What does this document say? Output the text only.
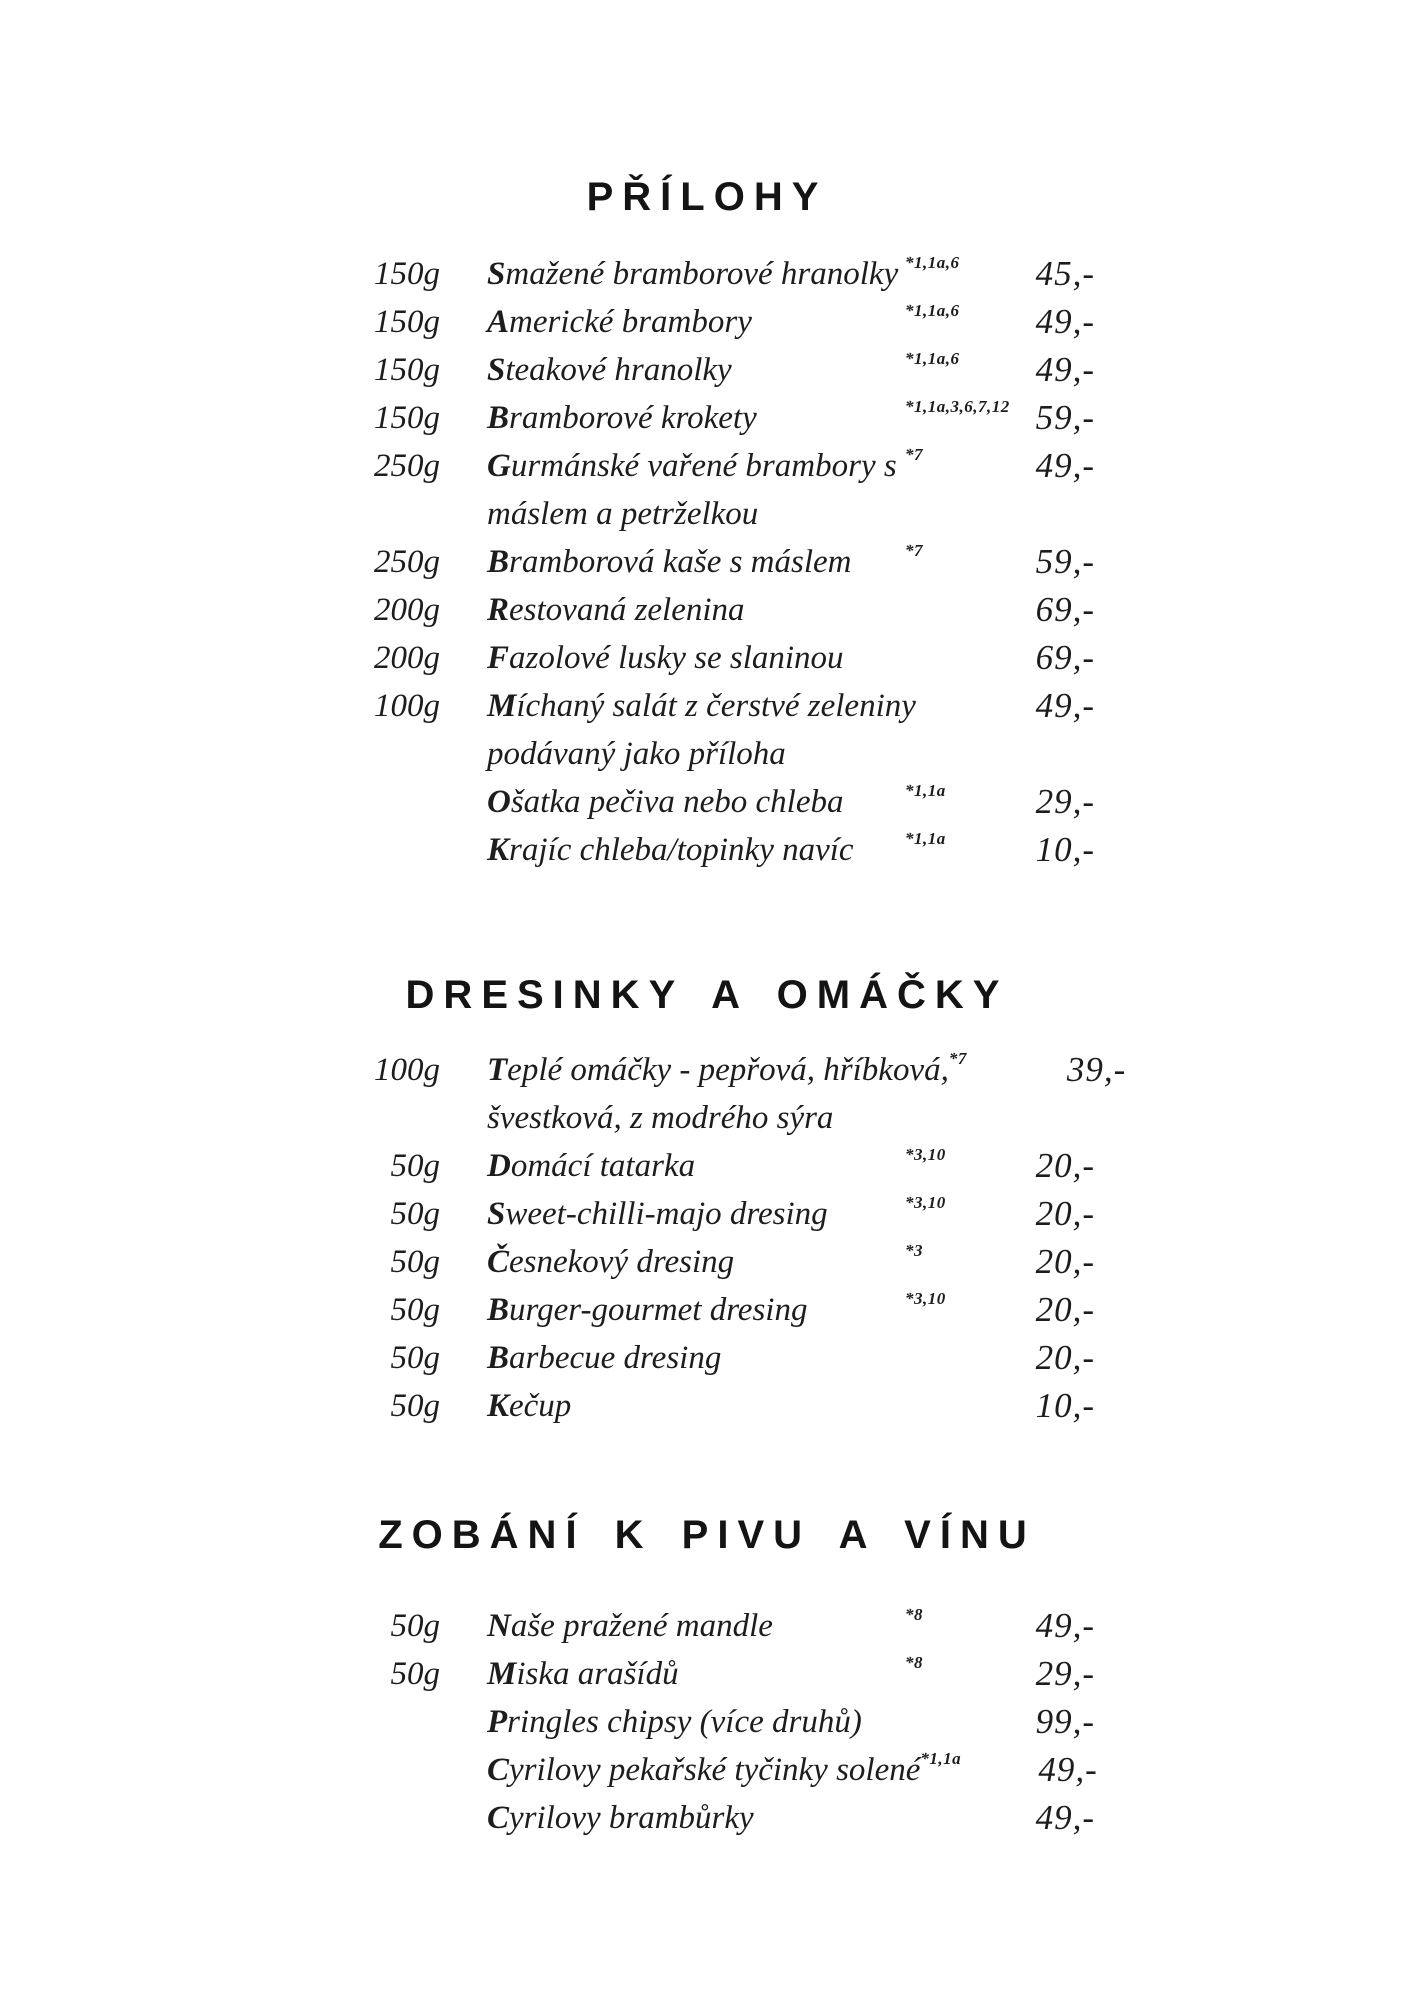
PŘÍLOHY
150g Smažené bramborové hranolky *1,1a,6	45,-
150g Americké brambory	*1,1a,6	49,-
150g Steakové hranolky	*1,1a,6	49,-
150g Bramborové krokety	*1,1a,3,6,7,12 59,-
250g Gurmánské vařené brambory s
máslem a petrželkou
*7	49,-
250g Bramborová kaše s máslem	*7	59,-
200g Restovaná zelenina	69,-
200g Fazolové lusky se slaninou	69,-
100g Míchaný salát z čerstvé zeleniny
podávaný jako příloha
49,-
Ošatka pečiva nebo chleba	*1,1a	29,-
Krajíc chleba/topinky navíc	*1,1a	10,-
DRESINKY A OMÁČKY
100g Teplé omáčky - pepřová, hříbková,
švestková, z modrého sýra
*7	39,-
50g Domácí tatarka	*3,10	20,-
50g Sweet-chilli-majo dresing	*3,10	20,-
50g Česnekový dresing	*3	20,-
50g Burger-gourmet dresing	*3,10	20,-
50g Barbecue dresing	20,-
50g Kečup	10,-
ZOBÁNÍ K PIVU A VÍNU
50g Naše pražené mandle	*8	49,-
50g Miska arašídů	*8	29,-
Pringles chipsy (více druhů)	99,-
Cyrilovy pekařské tyčinky solené *1,1a	49,-
Cyrilovy brambůrky	49,-
